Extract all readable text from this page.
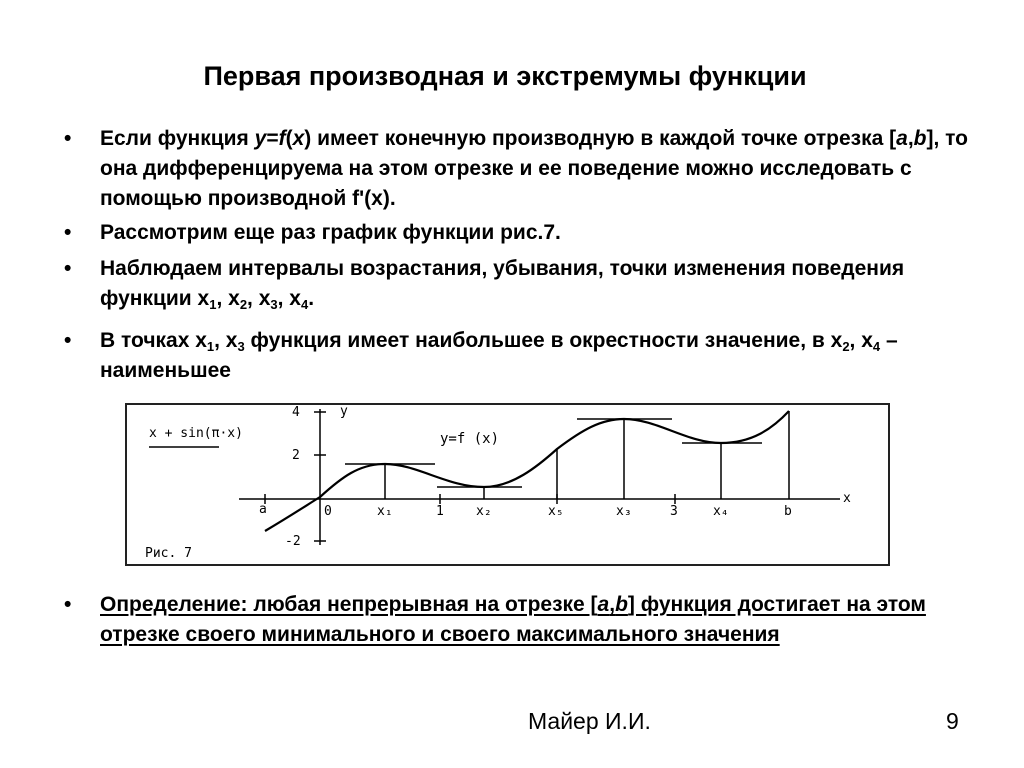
Первая производная и экстремумы функции
•	Если функция y=f(x) имеет конечную производную в каждой точке отрезка [a,b], то она дифференцируема на этом отрезке и ее поведение можно исследовать с помощью производной f'(x).
•	Рассмотрим еще раз график функции рис.7.
•	Наблюдаем интервалы возрастания, убывания, точки изменения поведения функции $x_1$, $x_2$, $x_3$, $x_4$.
•	В точках $x_1$, $x_3$ функция имеет наибольшее в окрестности значение, в $x_2$, $x_4$ – наименьшее
x + sin(π·x)	y=f (x)
Рис. 7
y
x
4
2
-2
a	0	x₁	1 x₂	x₅	x₃	3	x₄	b
•	Определение: любая непрерывная на отрезке [a,b] функция достигает на этом отрезке своего минимального и своего максимального значения
Майер И.И.	9
